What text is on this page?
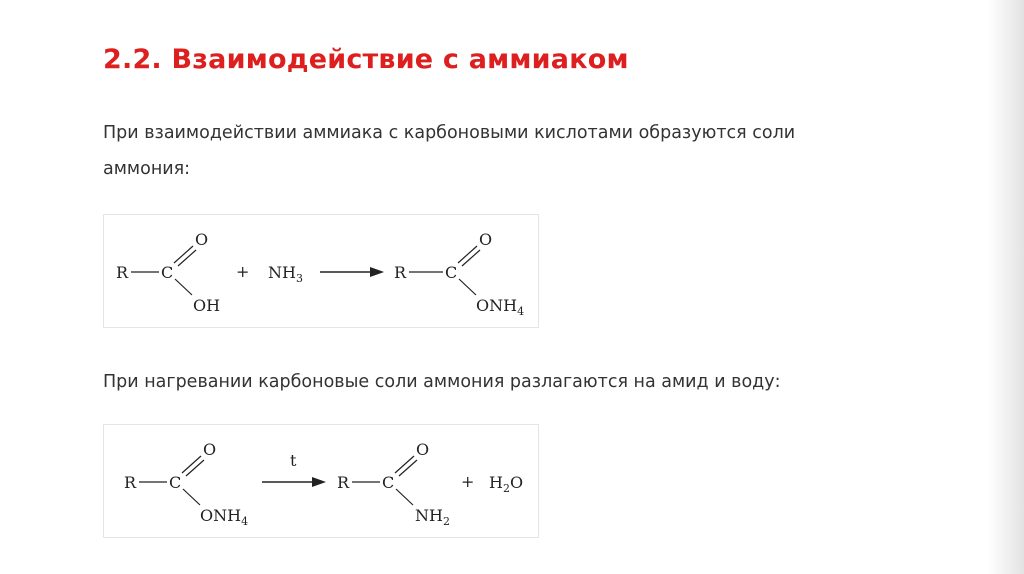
2.2. Взаимодействие с аммиаком

При взаимодействии аммиака с карбоновыми кислотами образуются соли

аммония:

R C
O
OH
+ $NH_3$	R C
O
$ONH_4$

При нагревании карбоновые соли аммония разлагаются на амид и воду:

R C
O
$ONH_4$
t
R C
O
$NH_2$
+ $H_2O$
